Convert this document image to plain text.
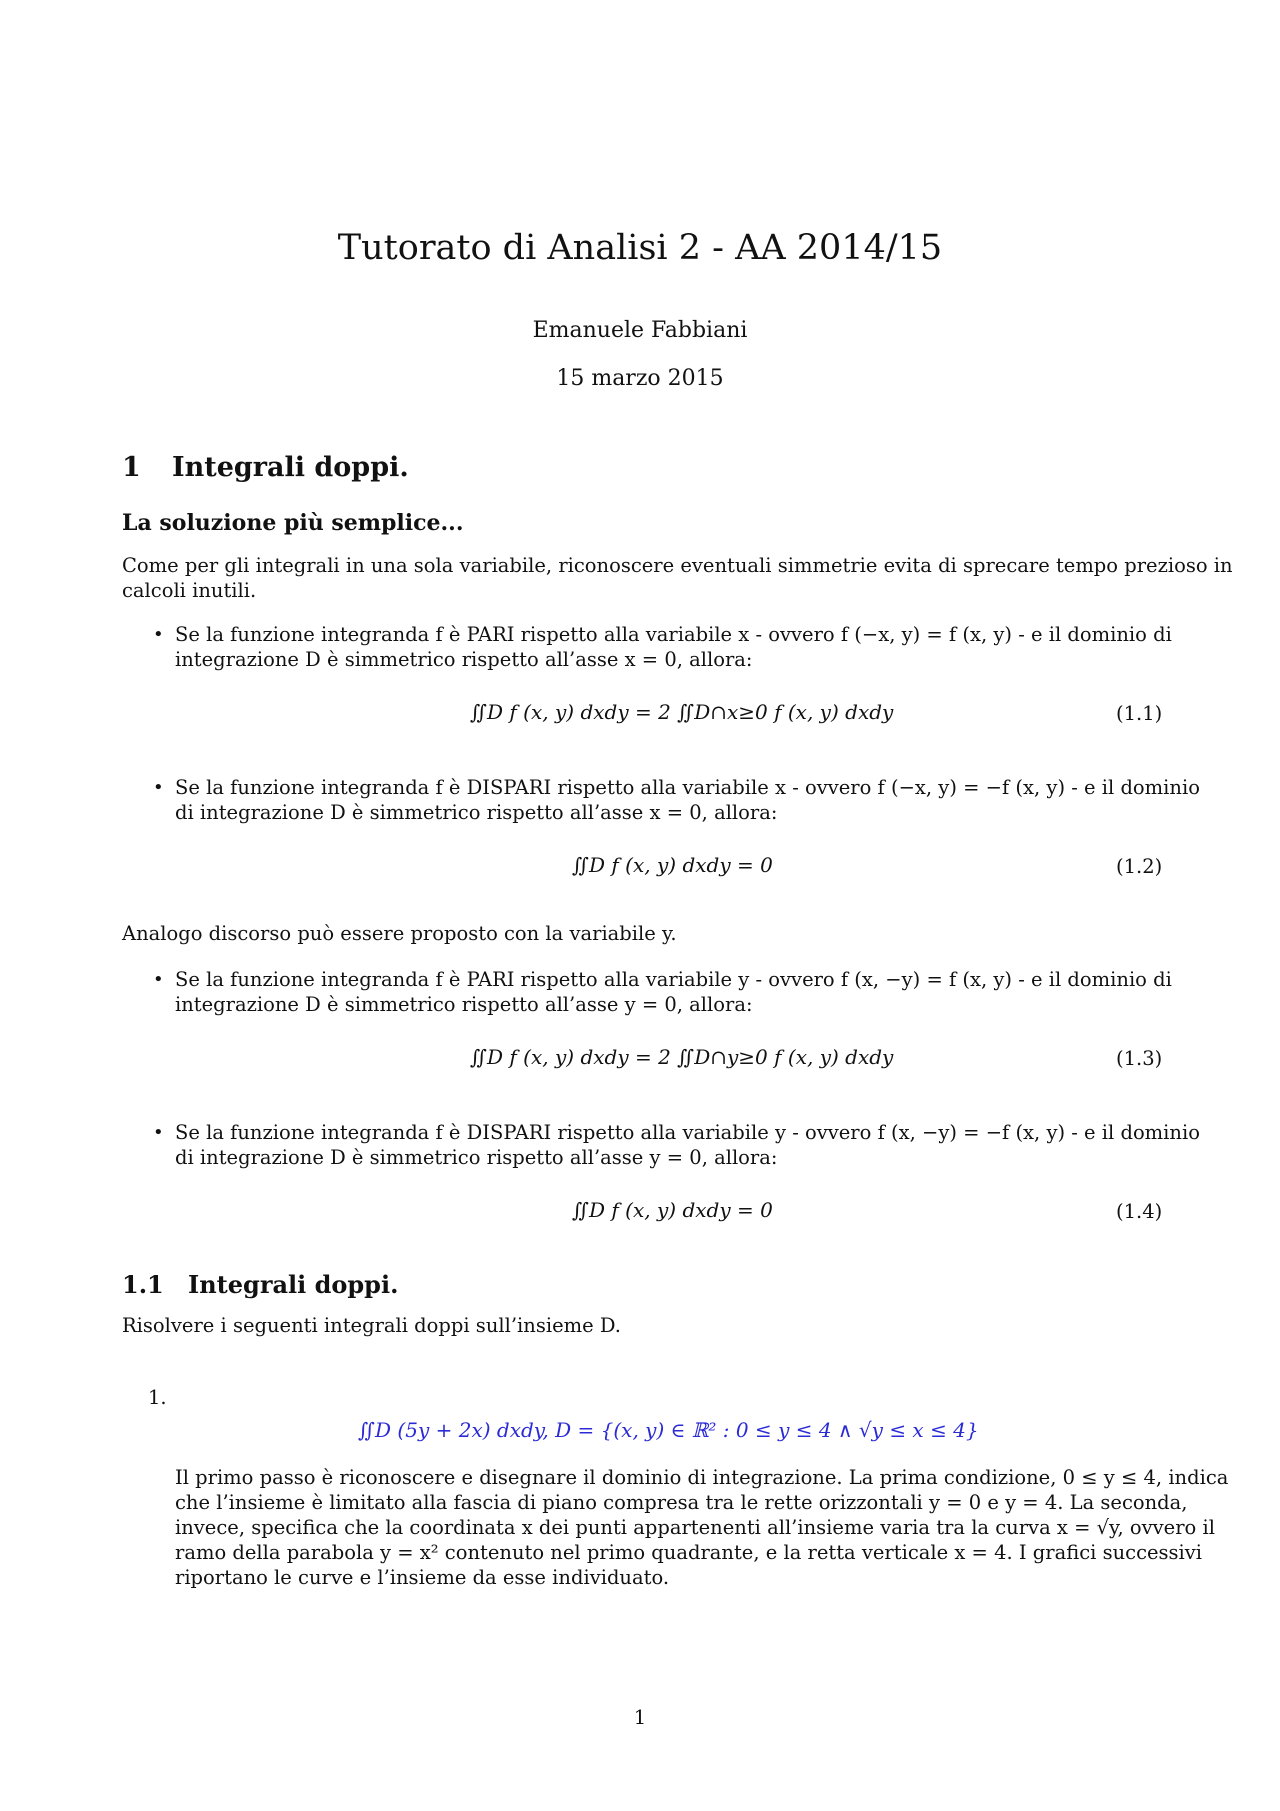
Tutorato di Analisi 2 - AA 2014/15
Emanuele Fabbiani
15 marzo 2015
1 Integrali doppi.
La soluzione più semplice...
Come per gli integrali in una sola variabile, riconoscere eventuali simmetrie evita di sprecare tempo prezioso in
calcoli inutili.
• Se la funzione integranda f è PARI rispetto alla variabile x - ovvero f (−x, y) = f (x, y) - e il dominio di
integrazione D è simmetrico rispetto all’asse x = 0, allora:
∬D f (x, y) dxdy = 2 ∬D∩x≥0 f (x, y) dxdy	(1.1)
• Se la funzione integranda f è DISPARI rispetto alla variabile x - ovvero f (−x, y) = −f (x, y) - e il dominio
di integrazione D è simmetrico rispetto all’asse x = 0, allora:
∬D f (x, y) dxdy = 0	(1.2)
Analogo discorso può essere proposto con la variabile y.
• Se la funzione integranda f è PARI rispetto alla variabile y - ovvero f (x, −y) = f (x, y) - e il dominio di
integrazione D è simmetrico rispetto all’asse y = 0, allora:
∬D f (x, y) dxdy = 2 ∬D∩y≥0 f (x, y) dxdy	(1.3)
• Se la funzione integranda f è DISPARI rispetto alla variabile y - ovvero f (x, −y) = −f (x, y) - e il dominio
di integrazione D è simmetrico rispetto all’asse y = 0, allora:
∬D f (x, y) dxdy = 0	(1.4)
1.1 Integrali doppi.
Risolvere i seguenti integrali doppi sull’insieme D.
1.
∬D (5y + 2x) dxdy, D = {(x, y) ∈ ℝ² : 0 ≤ y ≤ 4 ∧ √y ≤ x ≤ 4}
Il primo passo è riconoscere e disegnare il dominio di integrazione. La prima condizione, 0 ≤ y ≤ 4, indica
che l’insieme è limitato alla fascia di piano compresa tra le rette orizzontali y = 0 e y = 4. La seconda,
invece, specifica che la coordinata x dei punti appartenenti all’insieme varia tra la curva x = √y, ovvero il
ramo della parabola y = x² contenuto nel primo quadrante, e la retta verticale x = 4. I grafici successivi
riportano le curve e l’insieme da esse individuato.
1
